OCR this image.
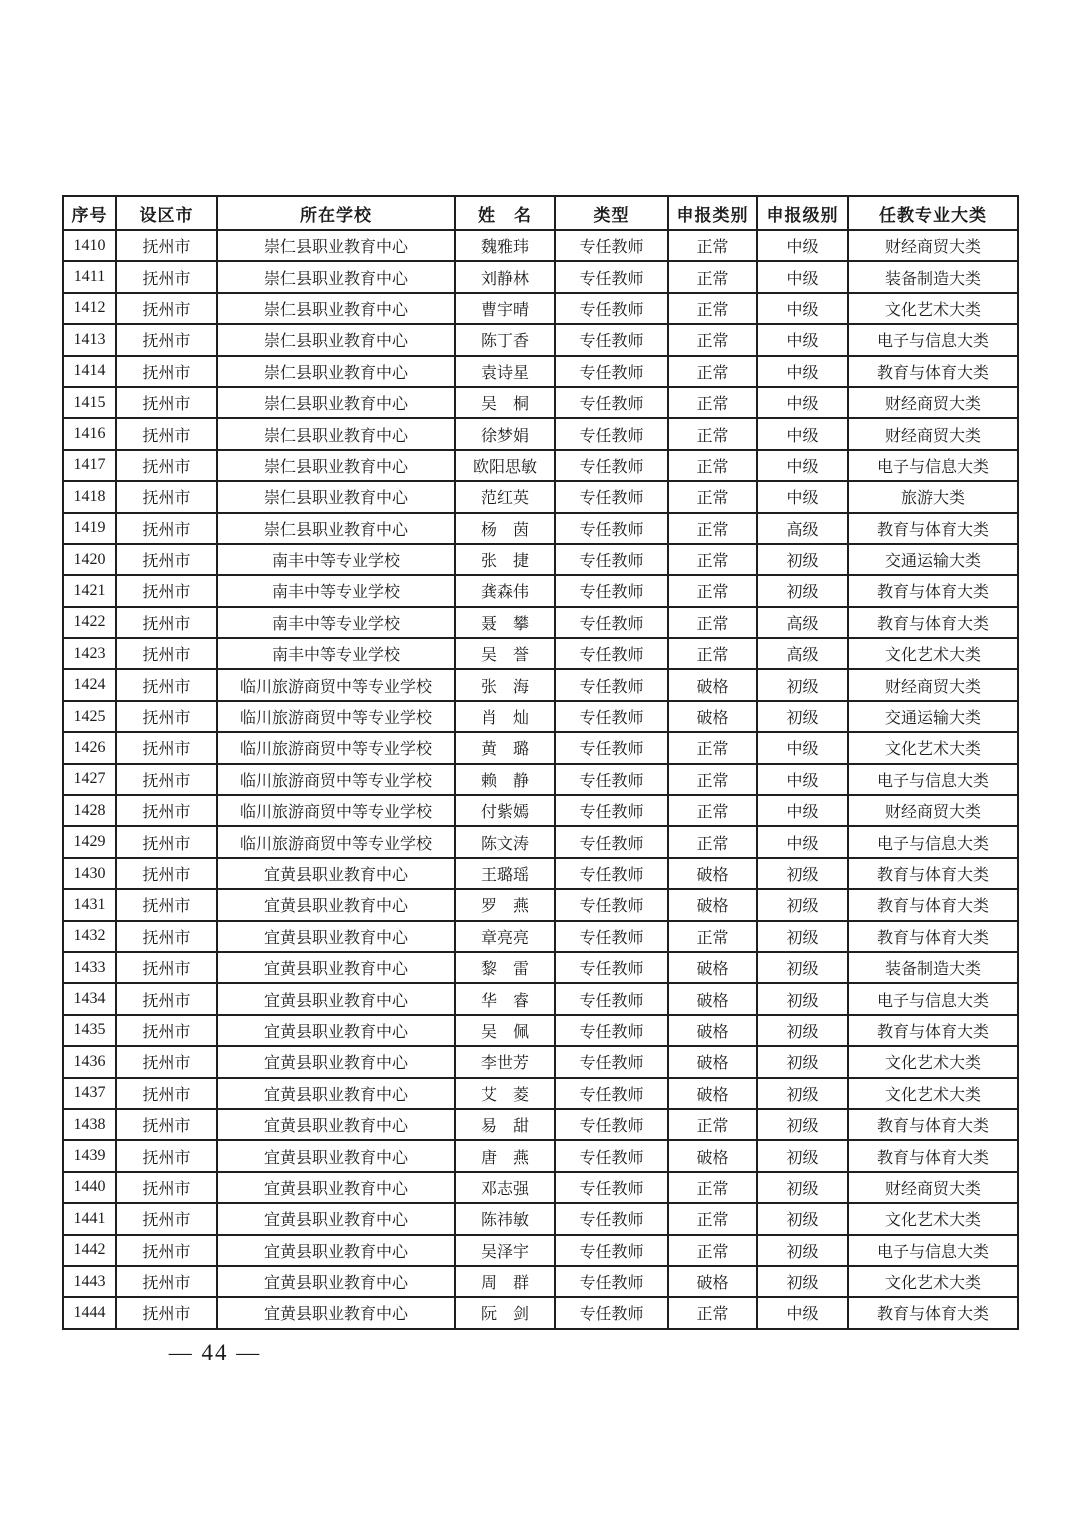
序号	设区市	所在学校	姓　名	类型	申报类别	申报级别	任教专业大类
1410	抚州市	崇仁县职业教育中心	魏雅玮	专任教师	正常	中级	财经商贸大类
1411	抚州市	崇仁县职业教育中心	刘静林	专任教师	正常	中级	装备制造大类
1412	抚州市	崇仁县职业教育中心	曹宇晴	专任教师	正常	中级	文化艺术大类
1413	抚州市	崇仁县职业教育中心	陈丁香	专任教师	正常	中级	电子与信息大类
1414	抚州市	崇仁县职业教育中心	袁诗星	专任教师	正常	中级	教育与体育大类
1415	抚州市	崇仁县职业教育中心	吴　桐	专任教师	正常	中级	财经商贸大类
1416	抚州市	崇仁县职业教育中心	徐梦娟	专任教师	正常	中级	财经商贸大类
1417	抚州市	崇仁县职业教育中心	欧阳思敏	专任教师	正常	中级	电子与信息大类
1418	抚州市	崇仁县职业教育中心	范红英	专任教师	正常	中级	旅游大类
1419	抚州市	崇仁县职业教育中心	杨　茵	专任教师	正常	高级	教育与体育大类
1420	抚州市	南丰中等专业学校	张　捷	专任教师	正常	初级	交通运输大类
1421	抚州市	南丰中等专业学校	龚森伟	专任教师	正常	初级	教育与体育大类
1422	抚州市	南丰中等专业学校	聂　攀	专任教师	正常	高级	教育与体育大类
1423	抚州市	南丰中等专业学校	吴　誉	专任教师	正常	高级	文化艺术大类
1424	抚州市	临川旅游商贸中等专业学校	张　海	专任教师	破格	初级	财经商贸大类
1425	抚州市	临川旅游商贸中等专业学校	肖　灿	专任教师	破格	初级	交通运输大类
1426	抚州市	临川旅游商贸中等专业学校	黄　璐	专任教师	正常	中级	文化艺术大类
1427	抚州市	临川旅游商贸中等专业学校	赖　静	专任教师	正常	中级	电子与信息大类
1428	抚州市	临川旅游商贸中等专业学校	付紫嫣	专任教师	正常	中级	财经商贸大类
1429	抚州市	临川旅游商贸中等专业学校	陈文涛	专任教师	正常	中级	电子与信息大类
1430	抚州市	宜黄县职业教育中心	王璐瑶	专任教师	破格	初级	教育与体育大类
1431	抚州市	宜黄县职业教育中心	罗　燕	专任教师	破格	初级	教育与体育大类
1432	抚州市	宜黄县职业教育中心	章亮亮	专任教师	正常	初级	教育与体育大类
1433	抚州市	宜黄县职业教育中心	黎　雷	专任教师	破格	初级	装备制造大类
1434	抚州市	宜黄县职业教育中心	华　睿	专任教师	破格	初级	电子与信息大类
1435	抚州市	宜黄县职业教育中心	吴　佩	专任教师	破格	初级	教育与体育大类
1436	抚州市	宜黄县职业教育中心	李世芳	专任教师	破格	初级	文化艺术大类
1437	抚州市	宜黄县职业教育中心	艾　菱	专任教师	破格	初级	文化艺术大类
1438	抚州市	宜黄县职业教育中心	易　甜	专任教师	正常	初级	教育与体育大类
1439	抚州市	宜黄县职业教育中心	唐　燕	专任教师	破格	初级	教育与体育大类
1440	抚州市	宜黄县职业教育中心	邓志强	专任教师	正常	初级	财经商贸大类
1441	抚州市	宜黄县职业教育中心	陈祎敏	专任教师	正常	初级	文化艺术大类
1442	抚州市	宜黄县职业教育中心	吴泽宇	专任教师	正常	初级	电子与信息大类
1443	抚州市	宜黄县职业教育中心	周　群	专任教师	破格	初级	文化艺术大类
1444	抚州市	宜黄县职业教育中心	阮　剑	专任教师	正常	中级	教育与体育大类
— 44 —
